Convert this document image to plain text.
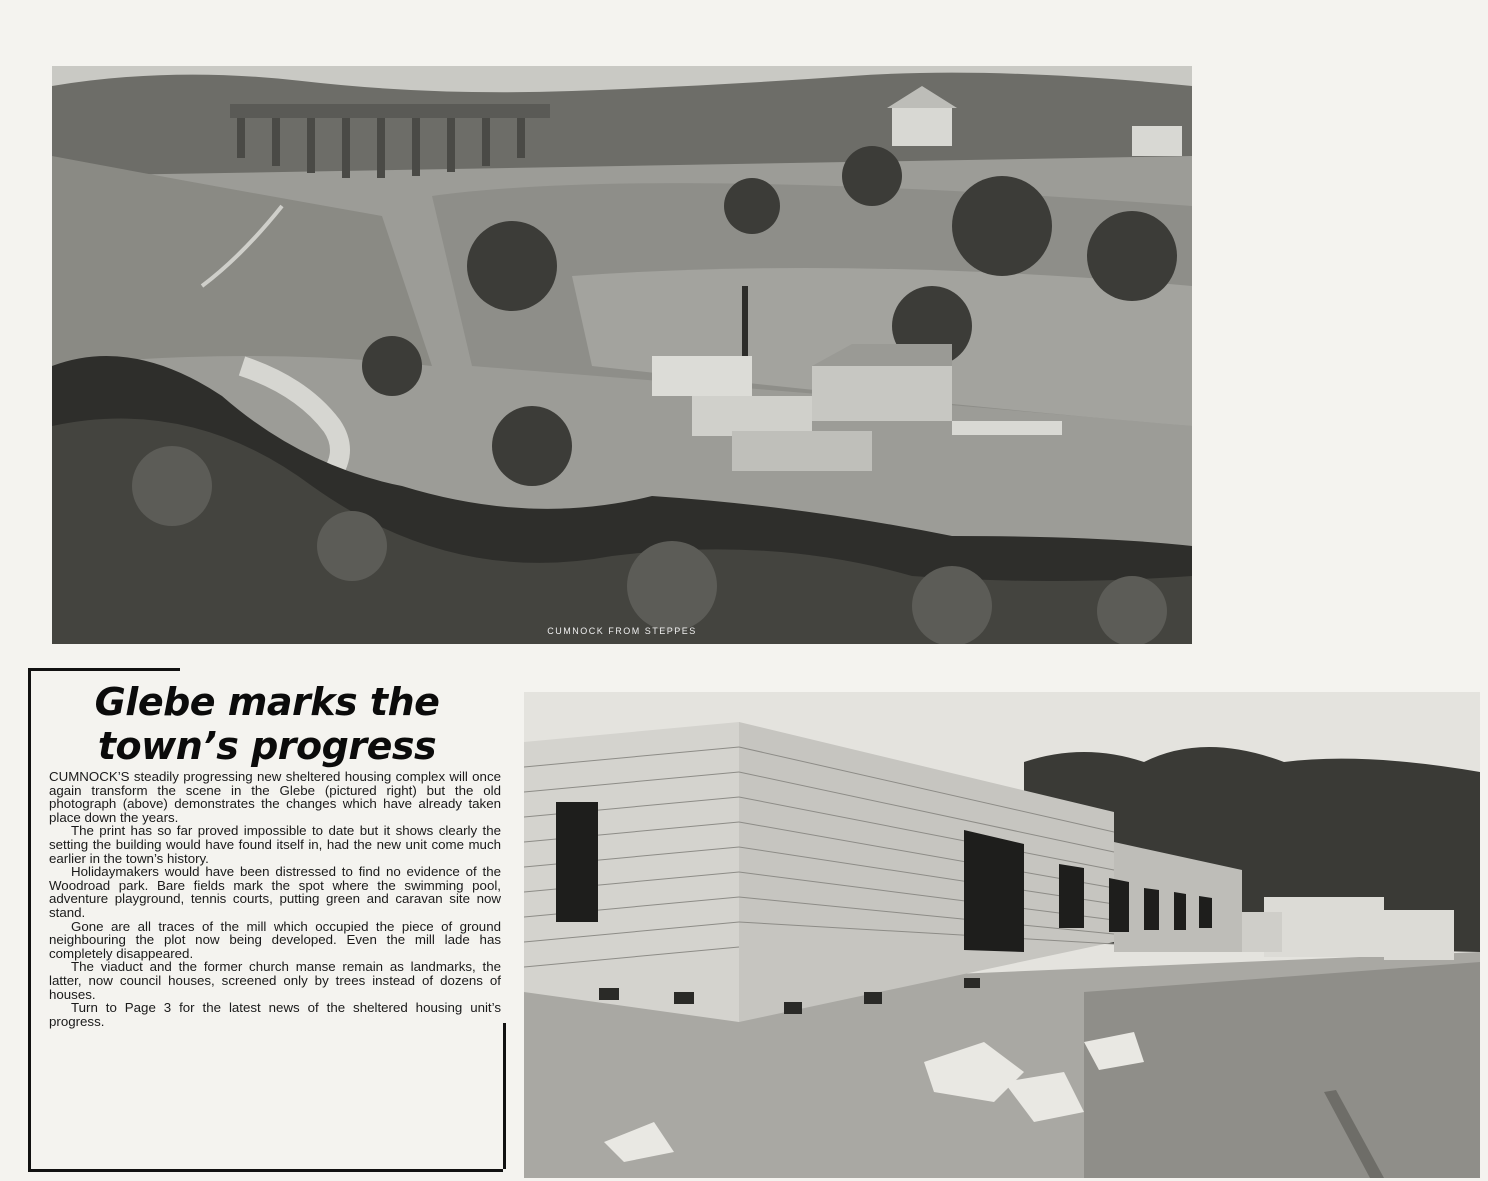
CUMNOCK FROM STEPPES
Glebe marks the
town’s progress

CUMNOCK’S steadily progressing new sheltered housing complex will once again transform the scene in the Glebe (pictured right) but the old photograph (above) demonstrates the changes which have already taken place down the years.

The print has so far proved impossible to date but it shows clearly the setting the building would have found itself in, had the new unit come much earlier in the town’s history.

Holidaymakers would have been distressed to find no evidence of the Woodroad park. Bare fields mark the spot where the swimming pool, adventure playground, tennis courts, putting green and caravan site now stand.

Gone are all traces of the mill which occupied the piece of ground neighbouring the plot now being developed. Even the mill lade has completely disappeared.

The viaduct and the former church manse remain as landmarks, the latter, now council houses, screened only by trees instead of dozens of houses.

Turn to Page 3 for the latest news of the sheltered housing unit’s progress.
